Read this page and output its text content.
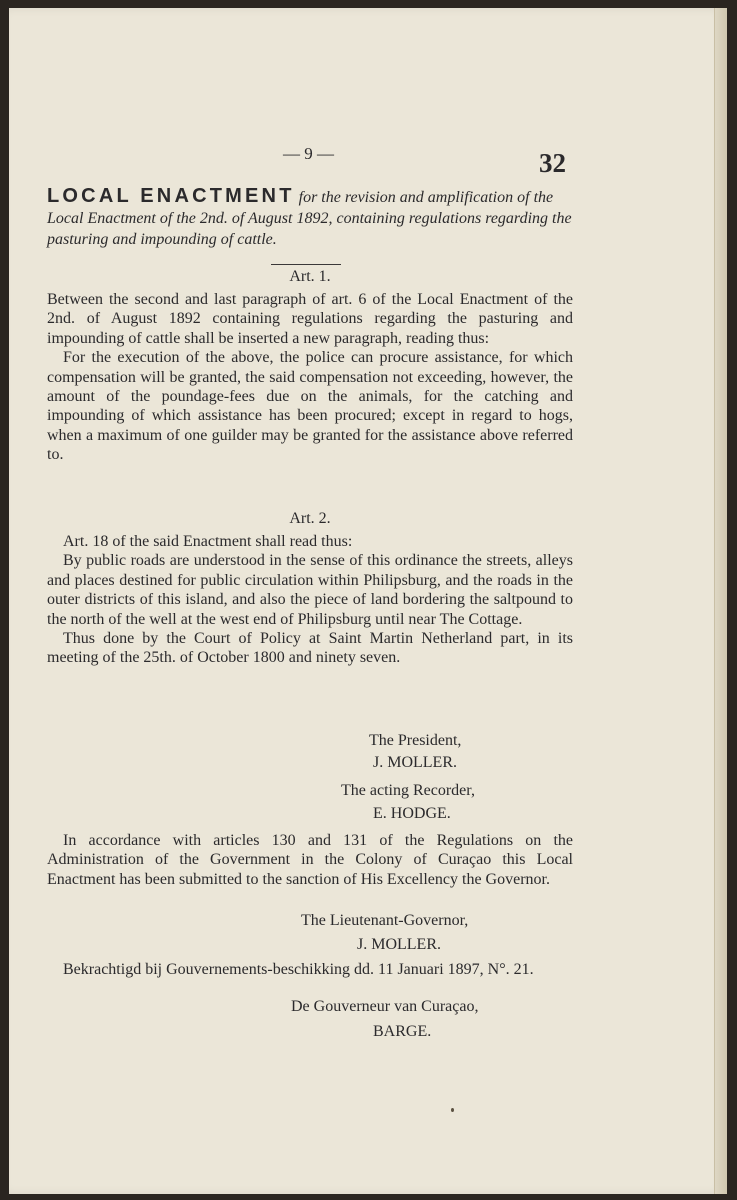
— 9 —	32
LOCAL ENACTMENT for the revision and amplification of the Local Enactment of the 2nd. of August 1892, containing regulations regarding the pasturing and impounding of cattle.
Art. 1.

Between the second and last paragraph of art. 6 of the Local Enactment of the 2nd. of August 1892 containing regulations regarding the pasturing and impounding of cattle shall be inserted a new paragraph, reading thus:

For the execution of the above, the police can procure assistance, for which compensation will be granted, the said compensation not exceeding, however, the amount of the poundage-fees due on the animals, for the catching and impounding of which assistance has been procured; except in regard to hogs, when a maximum of one guilder may be granted for the assistance above referred to.

Art. 2.

Art. 18 of the said Enactment shall read thus:

By public roads are understood in the sense of this ordinance the streets, alleys and places destined for public circulation within Philipsburg, and the roads in the outer districts of this island, and also the piece of land bordering the saltpound to the north of the well at the west end of Philipsburg until near The Cottage.

Thus done by the Court of Policy at Saint Martin Netherland part, in its meeting of the 25th. of October 1800 and ninety seven.

The President,
J. MOLLER.
The acting Recorder,
E. HODGE.

In accordance with articles 130 and 131 of the Regulations on the Administration of the Government in the Colony of Curaçao this Local Enactment has been submitted to the sanction of His Excellency the Governor.

The Lieutenant-Governor,
J. MOLLER.

Bekrachtigd bij Gouvernements-beschikking dd. 11 Januari 1897, N°. 21.

De Gouverneur van Curaçao,
BARGE.
